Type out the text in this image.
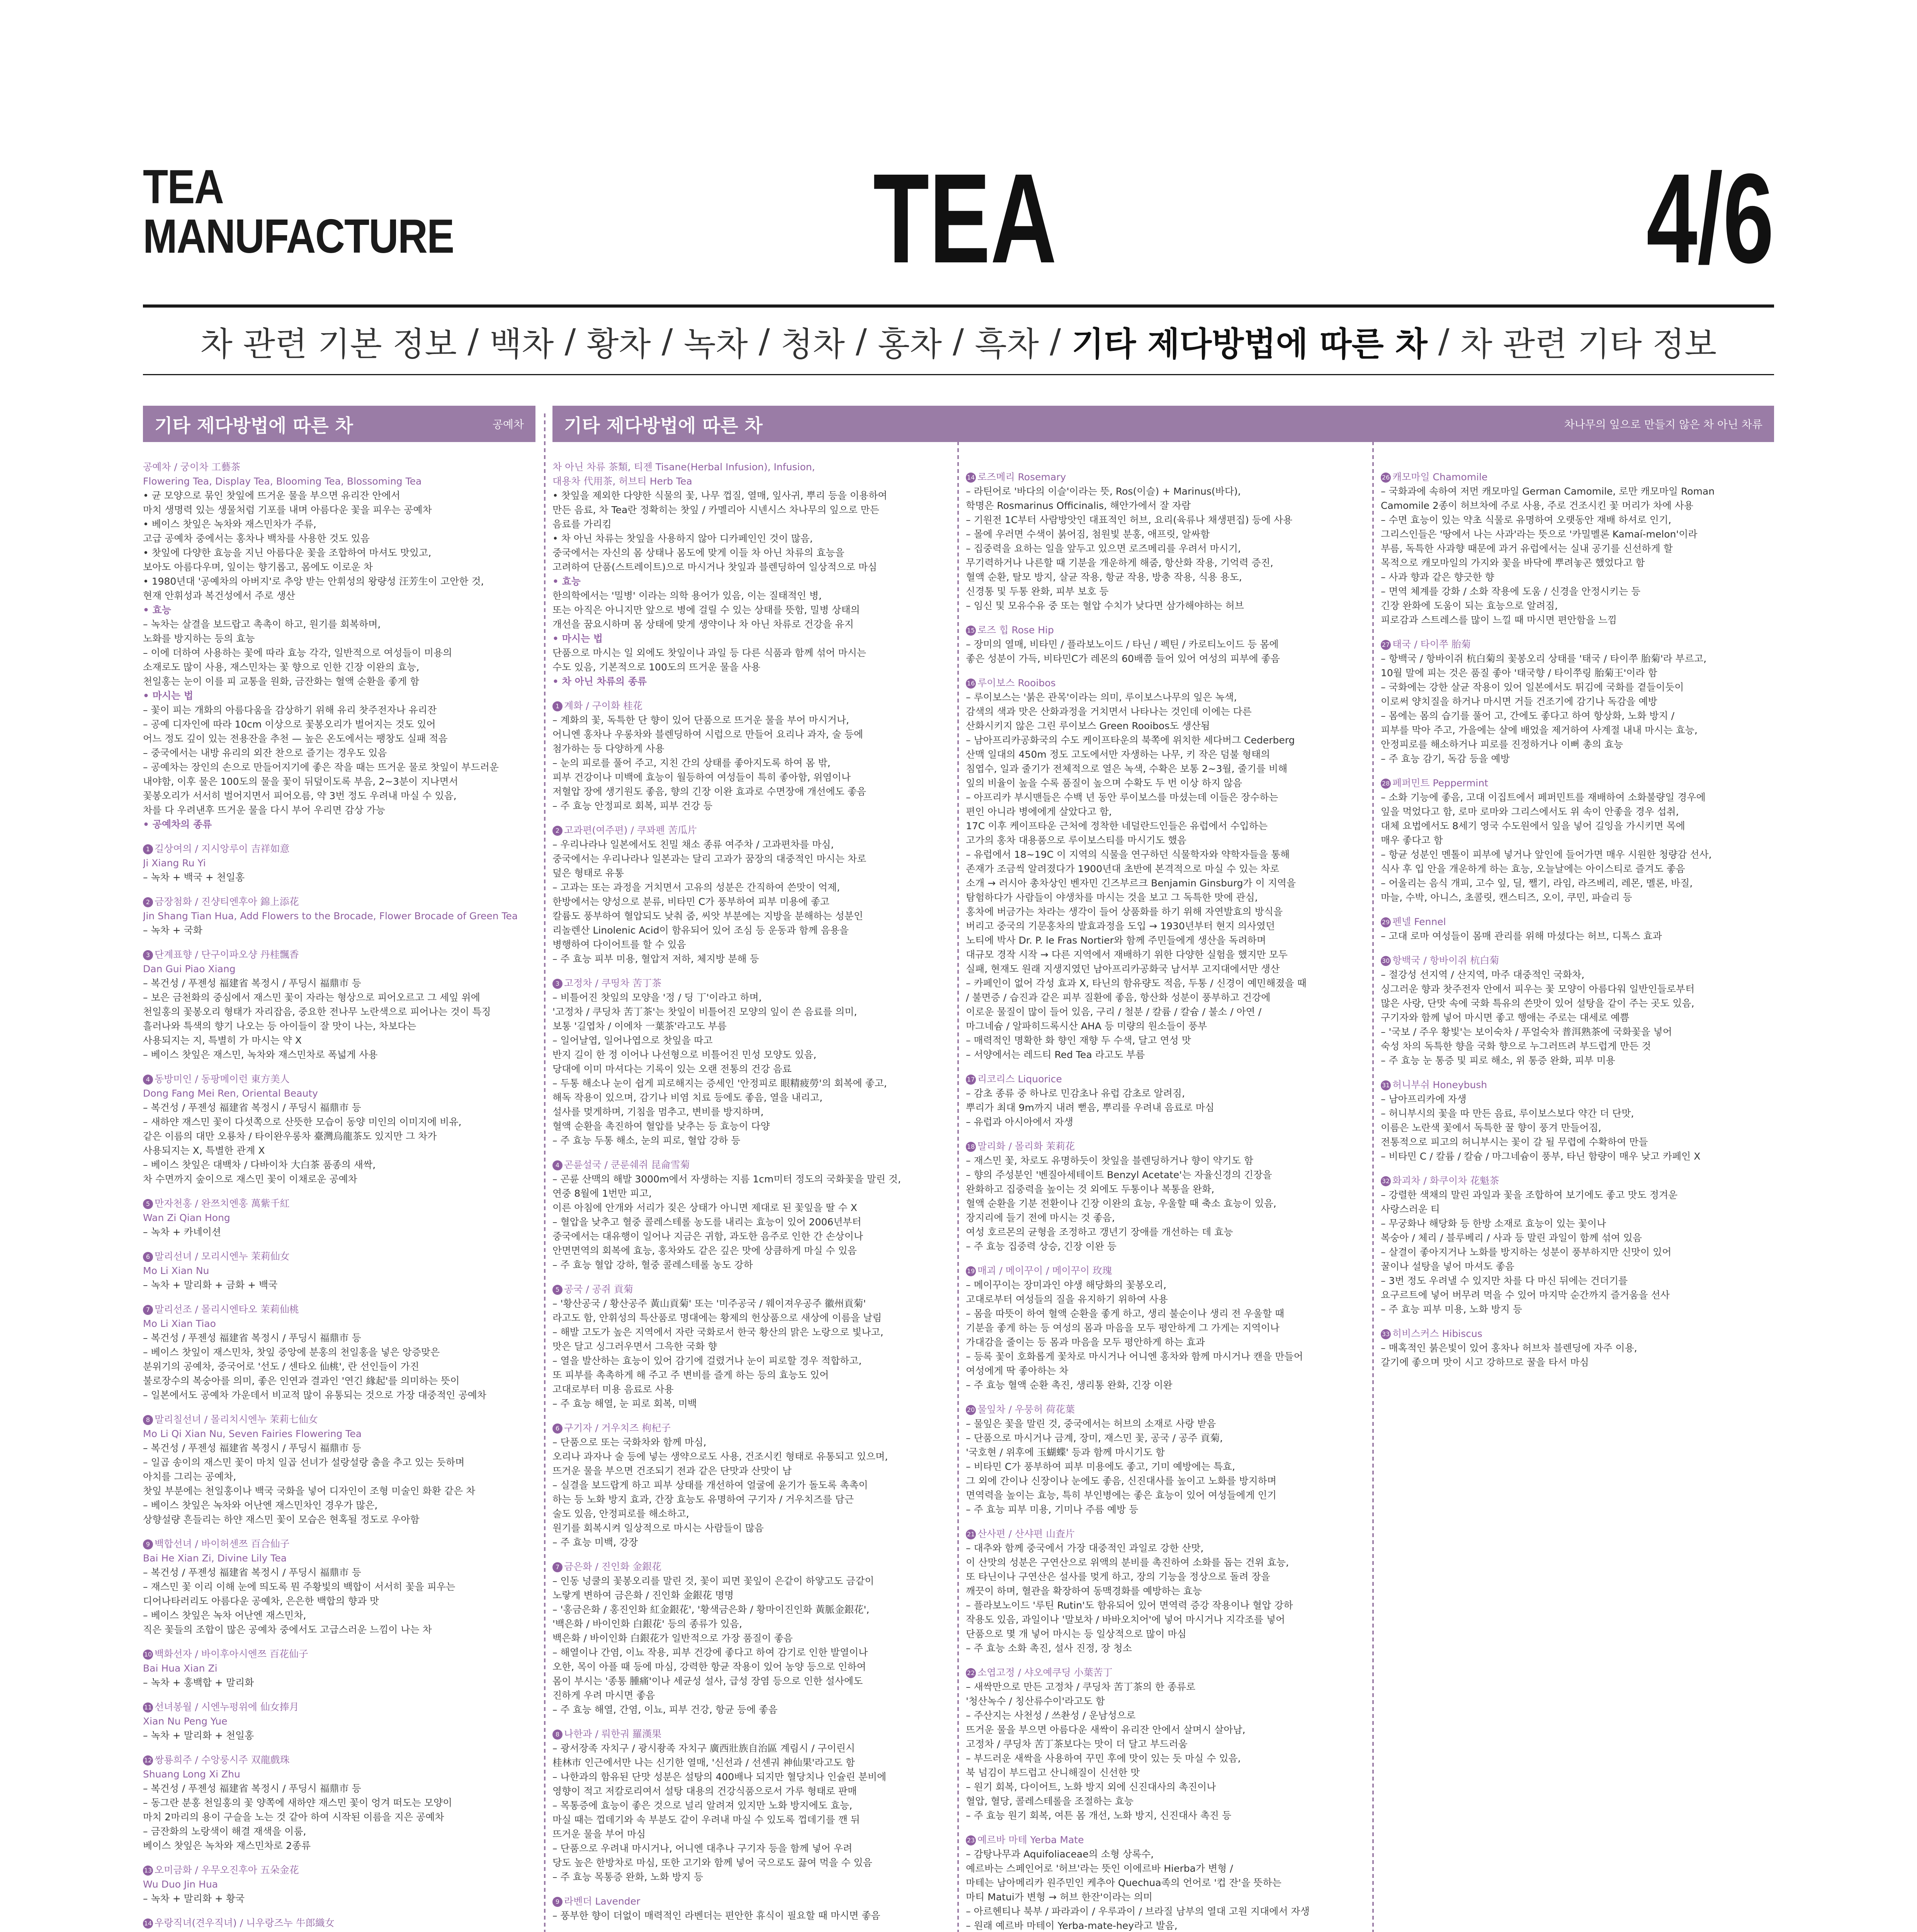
TEA
MANUFACTURE	TEA	4/6
차 관련 기본 정보 / 백차 / 황차 / 녹차 / 청차 / 홍차 / 흑차 / 기타 제다방법에 따른 차 / 차 관련 기타 정보
기타 제다방법에 따른 차	공예차 기타 제다방법에 따른 차	차나무의 잎으로 만들지 않은 차 아닌 차류

공예차 / 궁이차 工藝茶

Flowering Tea, Display Tea, Blooming Tea, Blossoming Tea

• 균 모양으로 묶인 찻잎에 뜨거운 물을 부으면 유리잔 안에서

마치 생명력 있는 생물처럼 기포를 내며 아름다운 꽃을 피우는 공예차

• 베이스 찻잎은 녹차와 재스민차가 주류,

고급 공예차 중에서는 홍차나 백차를 사용한 것도 있음

• 찻잎에 다양한 효능을 지닌 아름다운 꽃을 조합하여 마셔도 맛있고,

보아도 아름다우며, 잎이는 향기롭고, 몸에도 이로운 차

• 1980년대 '공예차의 아버지'로 추앙 받는 안휘성의 왕량성 汪芳生이 고안한 것,

현재 안휘성과 복건성에서 주로 생산

• 효능

– 녹차는 살결을 보드랍고 촉촉이 하고, 원기를 회복하며,

노화를 방지하는 등의 효능

– 이에 더하여 사용하는 꽃에 따라 효능 각각, 일반적으로 여성들이 미용의

소재로도 많이 사용, 재스민차는 꽃 향으로 인한 긴장 이완의 효능,

천일홍는 눈이 이를 피 교통을 원화, 금잔화는 혈액 순환을 좋게 함

• 마시는 법

– 꽃이 피는 개화의 아름다움을 감상하기 위해 유리 찻주전자나 유리잔

– 공예 디자인에 따라 10cm 이상으로 꽃봉오리가 벌어지는 것도 있어

어느 정도 깊이 있는 전용잔을 추천 — 높은 온도에서는 팽창도 실패 적음

– 중국에서는 내방 유리의 외잔 찬으로 즐기는 경우도 있음

– 공예차는 장인의 손으로 만들어지기에 좋은 작을 때는 뜨거운 물로 찻잎이 부드러운

내야함, 이후 물은 100도의 물을 꽃이 뒤덮이도록 부음, 2~3분이 지나면서

꽃봉오리가 서서히 벌어지면서 피어오름, 약 3번 정도 우려내 마실 수 있음,

차를 다 우려낸후 뜨거운 물을 다시 부어 우리면 감상 가능

• 공예차의 종류

1 길상여의 / 지시앙루이 吉祥如意

Ji Xiang Ru Yi

– 녹차 + 백국 + 천일홍

2 금장첨화 / 진샹티엔후아 錦上添花

Jin Shang Tian Hua, Add Flowers to the Brocade, Flower Brocade of Green Tea

– 녹차 + 국화

3 단계표향 / 단구이파오샹 丹桂飄香

Dan Gui Piao Xiang

– 복건성 / 푸젠성 福建省 복정시 / 푸딩시 福鼎市 등

– 보은 금천화의 중심에서 재스민 꽃이 자라는 형상으로 피어오르고 그 세잎 위에

천일홍의 꽃봉오리 형태가 자리잡음, 중요한 전나무 노란색으로 피어나는 것이 특징

흘러나와 특색의 향기 나오는 등 아이들이 잘 맛이 나는, 차보다는

사용되지는 지, 특별히 가 마시는 약 X

– 베이스 찻잎은 재스민, 녹차와 재스민차로 폭넓게 사용

4 동방미인 / 동팡메이런 東方美人

Dong Fang Mei Ren, Oriental Beauty

– 복건성 / 푸젠성 福建省 복정시 / 푸딩시 福鼎市 등

– 새하얀 재스민 꽃이 다섯쪽으로 산뜻한 모습이 동양 미인의 이미지에 비유,

같은 이름의 대만 오룡차 / 타이완우롱차 臺灣烏龍茶도 있지만 그 차가

사용되지는 X, 특별한 관계 X

– 베이스 찻잎은 대백차 / 다바이차 大白茶 품종의 새싹,

차 수면까지 숲이으로 재스민 꽃이 이채로운 공예차

5 만자천홍 / 완쯔치엔홍 萬紫千紅

Wan Zi Qian Hong

– 녹차 + 카네이션

6 말리선녀 / 모리시엔누 茉莉仙女

Mo Li Xian Nu

– 녹차 + 말리화 + 금화 + 백국

7 말리선조 / 몰리시엔타오 茉莉仙桃

Mo Li Xian Tiao

– 복건성 / 푸젠성 福建省 복정시 / 푸딩시 福鼎市 등

– 베이스 찻잎이 재스민차, 찻잎 중앙에 분홍의 천일홍을 넣은 앙증맞은

분위기의 공예차, 중국어로 '선도 / 센타오 仙桃', 란 선인들이 가진

불로장수의 복숭아를 의미, 좋은 인연과 결과인 '연긴 緣起'를 의미하는 뜻이

– 일본에서도 공예차 가운데서 비교적 많이 유통되는 것으로 가장 대중적인 공예차

8 말리칠선녀 / 몰리치시엔누 茉莉七仙女

Mo Li Qi Xian Nu, Seven Fairies Flowering Tea

– 복건성 / 푸젠성 福建省 복정시 / 푸딩시 福鼎市 등

– 일곱 송이의 재스민 꽃이 마치 일곱 선녀가 설랑설랑 춤을 추고 있는 듯하며

아치를 그리는 공예차,

찻잎 부분에는 천일홍이나 백국 국화을 넣어 디자인이 조형 미술인 화환 같은 차

– 베이스 찻잎은 녹차와 어난엔 재스민차인 경우가 많은,

상향설량 흔들리는 하얀 재스민 꽃이 모습은 현혹될 정도로 우아함

9 백합선녀 / 바이허센쯔 百合仙子

Bai He Xian Zi, Divine Lily Tea

– 복건성 / 푸젠성 福建省 복정시 / 푸딩시 福鼎市 등

– 재스민 꽃 이리 이해 눈에 띄도록 뭔 주황빛의 백합이 서서히 꽃을 피우는

디어나타러리도 아름다운 공예차, 은은한 백합의 향과 맛

– 베이스 찻잎은 녹차 어난엔 재스민차,

직은 꽃들의 조합이 많은 공예차 중에서도 고급스러운 느낌이 나는 차

10 백화선자 / 바이후아시엔쯔 百花仙子

Bai Hua Xian Zi

– 녹차 + 홍백합 + 말리화

11 선녀봉월 / 시엔누펑위에 仙女捧月

Xian Nu Peng Yue

– 녹차 + 말리화 + 천일홍

12 쌍룡희주 / 수앙룽시주 双龍戲珠

Shuang Long Xi Zhu

– 복건성 / 푸젠성 福建省 복정시 / 푸딩시 福鼎市 등

– 동그란 분홍 천일홍의 꽃 양쪽에 새하얀 재스민 꽃이 엉겨 떠도는 모양이

마치 2마리의 용이 구슬을 노는 것 같아 하여 시작된 이름을 지은 공예차

– 금잔화의 노랑색이 해결 재색을 이룸,

베이스 찻잎은 녹차와 재스민차로 2종류

13 오미금화 / 우무오진후아 五朵金花

Wu Duo Jin Hua

– 녹차 + 말리화 + 황국

14 우랑직녀(견우직녀) / 니우랑즈누 牛郎織女

차 아닌 차류 茶類, 티젠 Tisane(Herbal Infusion), Infusion,

대용차 代用茶, 허브티 Herb Tea

• 찻잎을 제외한 다양한 식물의 꽃, 나무 껍질, 열매, 잎사귀, 뿌리 등을 이용하여

만든 음료, 차 Tea란 정확히는 찻잎 / 카멜리아 시넨시스 차나무의 잎으로 만든

음료를 가리킴

• 차 아닌 차류는 찻잎을 사용하지 않아 디카페인인 것이 많음,

중국에서는 자신의 몸 상태나 몸도에 맞게 이들 차 아닌 차류의 효능을

고려하여 단품(스트레이트)으로 마시거나 찻잎과 블렌딩하여 일상적으로 마심

• 효능

한의학에서는 '밀병' 이라는 의학 용어가 있음, 이는 질태적인 병,

또는 아직은 아니지만 앞으로 병에 걸릴 수 있는 상태를 뜻함, 밀병 상태의

개선을 꿈요시하며 몸 상태에 맞게 생약이나 차 아닌 차류로 건강을 유지

• 마시는 법

단품으로 마시는 일 외에도 찻잎이나 과일 등 다른 식품과 함께 섞어 마시는

수도 있음, 기본적으로 100도의 뜨거운 물을 사용

• 차 아닌 차류의 종류

1 계화 / 구이화 桂花

– 계화의 꽃, 독특한 단 향이 있어 단품으로 뜨거운 물을 부어 마시거나,

어니엔 홍차나 우롱차와 블렌딩하여 시럽으로 만들어 요리나 과자, 술 등에

첨가하는 등 다양하게 사용

– 눈의 피로를 풀어 주고, 지친 간의 상태를 좋아지도록 하여 몸 밖,

피부 건강이나 미백에 효능이 월등하여 여성들이 특히 좋아함, 위염이나

저혈압 장에 생기원도 좋음, 향의 긴장 이완 효과로 수면장애 개선에도 좋음

– 주 효능 안정피로 회복, 피부 건강 등

2 고과편(여주편) / 쿠꽈펜 苦瓜片

– 우리나라나 일본에서도 친밀 채소 종류 여주차 / 고과편차를 마심,

중국에서는 우리나라나 일본과는 달리 고과가 꿈장의 대중적인 마시는 차로

덮은 형태로 유통

– 고과는 또는 과정을 거치면서 고유의 성분은 간직하여 쓴맛이 억제,

한방에서는 양성으로 분류, 비타민 C가 풍부하여 피부 미용에 좋고

칼륨도 풍부하여 혈압되도 낮춰 줌, 씨앗 부분에는 지방을 분해하는 성분인

리놀렌산 Linolenic Acid이 함유되어 있어 조심 등 운동과 함께 음용을

병행하여 다이어트를 할 수 있음

– 주 효능 피부 미용, 혈압저 저하, 체지방 분해 등

3 고정차 / 쿠띵차 苦丁茶

– 비틀어진 찻잎의 모양을 '정 / 딩 丁'이라고 하며,

'고정차 / 쿠딩차 苦丁茶'는 찻잎이 비틀어진 모양의 잎이 쓴 음료를 의미,

보통 '길엽차 / 이에차 一葉茶'라고도 부름

– 일어날엽, 일어나엽으로 찻잎을 따고

반지 길이 한 정 이어나 나선형으로 비틀어진 민성 모양도 있음,

당대에 이미 마셔다는 기록이 있는 오랜 전통의 건강 음료

– 두통 해소나 눈이 쉽게 피로해지는 증세인 '안정피로 眼精疲勞'의 회복에 좋고,

해독 작용이 있으며, 감기나 비염 치료 등에도 좋음, 열을 내리고,

설사를 멎게하며, 기침을 멈추고, 변비를 방지하며,

혈액 순환을 촉진하여 혈압를 낮추는 등 효능이 다양

– 주 효능 두통 해소, 눈의 피로, 혈압 강하 등

4 곤륜설국 / 쿤룬쉐쥐 昆侖雪菊

– 곤륜 산맥의 해발 3000m에서 자생하는 지름 1cm미터 정도의 국화꽃을 말린 것,

연중 8월에 1번만 피고,

이른 아침에 안개와 서리가 짖은 상태가 아니면 제대로 된 꽃잎을 딸 수 X

– 혈압을 낮추고 혈중 콜레스테롤 농도를 내리는 효능이 있어 2006년부터

중국에서는 대유행이 일어나 지금은 귀함, 과도한 음주로 인한 간 손상이나

안면면역의 회복에 효능, 홍차와도 같은 깊은 맛에 상큼하게 마실 수 있음

– 주 효능 혈압 강하, 혈중 콜레스테롤 농도 강하

5 공국 / 공쥐 貢菊

– '황산공국 / 황산공주 黃山貢菊' 또는 '미주공국 / 웨이져우공주 徽州貢菊'

라고도 함, 안휘성의 특산품로 명대에는 황제의 헌상품으로 새상에 이름을 날림

– 해발 고도가 높은 지역에서 자란 국화로서 한국 황산의 맑은 노랑으로 빛나고,

맛은 달고 싱그러우면서 그윽한 국화 향

– 열을 발산하는 효능이 있어 감기에 걸렸거나 눈이 피로할 경우 적합하고,

또 피부를 촉촉하게 해 주고 주 변비를 즐게 하는 등의 효능도 있어

고대로부터 미용 음료로 사용

– 주 효능 해열, 눈 피로 회복, 미백

6 구기자 / 거우치즈 枸杞子

– 단품으로 또는 국화차와 함께 마심,

오리나 과자나 술 등에 넣는 생약으로도 사용, 건조시킨 형태로 유통되고 있으며,

뜨거운 물을 부으면 건조되기 전과 같은 단맛과 산맛이 남

– 실결을 보드랍게 하고 피부 상태를 개선하여 얼굴에 윤기가 돌도록 촉촉이

하는 등 노화 방지 효과, 간장 효능도 유명하여 구기자 / 거우치즈를 담근

술도 있음, 안정피로를 해소하고,

원기를 회복시켜 일상적으로 마시는 사람들이 많음

– 주 효능 미백, 강장

7 금은화 / 진인화 金銀花

– 인동 넝쿨의 꽃봉오리를 말린 것, 꽃이 피면 꽃잎이 은같이 하얗고도 금같이

노랗게 변하여 금은화 / 진인화 金銀花 명명

– '홍금은화 / 홍진인화 紅金銀花', '황색금은화 / 황마이진인화 黃脈金銀花',

'백은화 / 바이인화 白銀花' 등의 종류가 있음,

백은화 / 바이인화 白銀花가 일반적으로 가장 품질이 좋음

– 해열이나 간염, 이뇨 작용, 피부 건강에 좋다고 하여 감기로 인한 발열이나

오한, 목이 아플 때 등에 마심, 강력한 항균 작용이 있어 농양 등으로 인하여

몸이 부시는 '종통 腫痛'이나 세균성 설사, 급성 장염 등으로 인한 설사에도

진하게 우려 마시면 좋음

– 주 효능 해열, 간염, 이뇨, 피부 건강, 항균 등에 좋음

8 나한과 / 뤄한궈 羅漢果

– 광서장족 자치구 / 광시좡족 자치구 廣西壯族自治區 계림시 / 구이린시

桂林市 인근에서만 나는 신기한 열매, '신선과 / 선센궈 神仙果'라고도 함

– 나한과의 함유된 단맛 성분은 설탕의 400배나 되지만 혈당치나 인슐린 분비에

영향이 적고 저칼로리여서 설탕 대용의 건강식품으로서 가루 형태로 판매

– 목통증에 효능이 좋은 것으로 널리 알려져 있지만 노화 방지에도 효능,

마실 때는 껍데기와 속 부분도 같이 우려내 마실 수 있도록 껍데기를 깬 뒤

뜨거운 물을 부어 마심

– 단품으로 우려내 마시거나, 어니엔 대추나 구기자 등을 함께 넣어 우려

당도 높은 한방차로 마심, 또한 고기와 함께 넣어 국으로도 끓여 먹을 수 있음

– 주 효능 목통증 완화, 노화 방지 등

9 라벤더 Lavender

– 풍부한 향이 더없이 매력적인 라벤더는 편안한 휴식이 필요할 때 마시면 좋음

14 로즈메리 Rosemary

– 라틴어로 '바다의 이슬'이라는 뜻, Ros(이슬) + Marinus(바다),

학명은 Rosmarinus Officinalis, 해안가에서 잘 자람

– 기원전 1C부터 사람방앗인 대표적인 허브, 요리(육류나 채생편집) 등에 사용

– 몰에 우러면 수색이 붉어짐, 첨원빛 분홍, 애프릿, 알싸함

– 집중력을 요하는 일을 앞두고 있으면 로즈메리를 우려서 마시기,

무기력하거나 나른할 때 기분을 개운하게 해줌, 항산화 작용, 기억력 증진,

혈액 순환, 탈모 방지, 살균 작용, 항균 작용, 방충 작용, 식용 용도,

신경통 및 두통 완화, 피부 보호 등

– 임신 및 모유수유 중 또는 혈압 수치가 낮다면 삼가해야하는 허브

15 로즈 힙 Rose Hip

– 장미의 열매, 비타민 / 플라보노이드 / 타닌 / 펙틴 / 카로티노이드 등 몸에

좋은 성분이 가득, 비타민C가 레몬의 60배쯤 들어 있어 여성의 피부에 좋음

16 루이보스 Rooibos

– 루이보스는 '붉은 관목'이라는 의미, 루이보스나무의 잎은 녹색,

감색의 색과 맛은 산화과정을 거치면서 나타나는 것인데 이에는 다른

산화시키지 않은 그린 루이보스 Green Rooibos도 생산됨

– 남아프리카공화국의 수도 케이프타운의 북쪽에 위치한 세다버그 Cederberg

산맥 일대의 450m 정도 고도에서만 자생하는 나무, 키 작은 덤불 형태의

침엽수, 일과 줄기가 전체적으로 열은 녹색, 수확은 보통 2~3월, 줄기를 비해

잎의 비율이 높을 수록 품질이 높으며 수확도 두 번 이상 하지 않음

– 아프리카 부시맨들은 수백 년 동안 루이보스를 마셨는데 이들은 장수하는

편인 아니라 병에에게 살았다고 함,

17C 이후 케이프타운 근처에 정착한 네덜란드인들은 유럽에서 수입하는

고가의 홍차 대용품으로 루이보스티를 마시기도 했음

– 유럽에서 18~19C 이 지역의 식물을 연구하던 식물학자와 약학자들을 통해

존재가 조금씩 알려졌다가 1900년대 초반에 본격적으로 마실 수 있는 차로

소개 → 러시아 총차상인 벤자민 긴즈부르크 Benjamin Ginsburg가 이 지역을

탐험하다가 사람들이 야생차를 마시는 것을 보고 그 독특한 맛에 관심,

홍차에 버금가는 차라는 생각이 들어 상품화를 하기 위해 자연발효의 방식을

버리고 중국의 기문홍차의 발효과정을 도입 → 1930년부터 현지 의사였던

노티에 박사 Dr. P. le Fras Nortier와 함께 주민들에게 생산을 독려하며

대규모 경작 시작 → 다른 지역에서 재배하기 위한 다양한 실험을 했지만 모두

실패, 현재도 원래 지생지였던 남아프리카공화국 남서부 고지대에서만 생산

– 카페인이 없어 각성 효과 X, 타닌의 함유량도 적음, 두통 / 신경이 예민해졌을 때

/ 불면증 / 습진과 같은 피부 질환에 좋음, 항산화 성분이 풍부하고 건강에

이로운 물질이 많이 들어 있음, 구리 / 철분 / 칼륨 / 칼슘 / 불소 / 아연 /

마그네슘 / 알파히드록시산 AHA 등 미량의 원소들이 풍부

– 매력적인 명확한 화 향인 재향 두 수색, 달고 연성 맛

– 서양에서는 레드티 Red Tea 라고도 부름

17 리코리스 Liquorice

– 감초 종류 중 하나로 민감초나 유럽 감초로 알려짐,

뿌리가 최대 9m까지 내려 뻗음, 뿌리를 우려내 음료로 마심

– 유럽과 아시아에서 자생

18 말리화 / 몰리화 茉莉花

– 재스민 꽃, 차로도 유명하듯이 찻잎을 블렌딩하거나 향이 약기도 함

– 향의 주성분인 '벤질아세테이트 Benzyl Acetate'는 자율신경의 긴장을

완화하고 집중력을 높이는 것 외에도 두통이나 복통을 완화,

혈액 순환을 기분 전환이나 긴장 이완의 효능, 우울할 때 축소 효능이 있음,

장지리에 들기 전에 마시는 것 좋음,

여성 호르몬의 균형을 조정하고 갱년기 장애를 개선하는 데 효능

– 주 효능 집중력 상승, 긴장 이완 등

19 매괴 / 메이꾸이 / 메이꾸이 玫瑰

– 메이꾸이는 장미과인 야생 해당화의 꽃봉오리,

고대로부터 여성들의 질을 유지하기 위하여 사용

– 몸을 따뜻이 하여 혈액 순환을 좋게 하고, 생리 불순이나 생리 전 우울할 때

기분을 좋게 하는 등 여성의 몸과 마음을 모두 평안하게 그 가게는 지역이나

가대감을 줄이는 등 몸과 마음을 모두 평안하게 하는 효과

– 등록 꽃이 호화롭게 꽃차로 마시거나 어니엔 홍차와 함께 마시거나 캔을 만들어

여성에게 딱 좋아하는 차

– 주 효능 혈액 순환 촉진, 생리통 완화, 긴장 이완

20 물잎차 / 우뭉허 荷花葉

– 물잎은 꽃을 말린 것, 중국에서는 허브의 소재로 사랑 받음

– 단품으로 마시거나 금계, 장미, 재스민 꽃, 공국 / 공주 貢菊,

'국호현 / 위후에 玉蝴蝶' 등과 함께 마시기도 함

– 비타민 C가 풍부하여 피부 미용에도 좋고, 기미 예방에는 특효,

그 외에 간이나 신장이나 눈에도 좋음, 신진대사를 높이고 노화를 방지하며

면역력을 높이는 효능, 특히 부인병에는 좋은 효능이 있어 여성들에게 인기

– 주 효능 피부 미용, 기미나 주름 예방 등

21 산사편 / 산샤편 山査片

– 대추와 함께 중국에서 가장 대중적인 과일로 강한 산맛,

이 산맛의 성분은 구연산으로 위액의 분비를 촉진하여 소화를 돕는 건위 효능,

또 타닌이나 구연산은 설사를 멎게 하고, 장의 기능을 정상으로 돌려 장을

깨끗이 하며, 혈관을 확장하여 동맥경화를 예방하는 효능

– 플라보노이드 '루틴 Rutin'도 함유되어 있어 면역력 증강 작용이나 혈압 강하

작용도 있음, 과일이나 '말보차 / 바바오치어'에 넣어 마시거나 지각조를 넣어

단품으로 몇 개 넣어 마시는 등 일상적으로 많이 마심

– 주 효능 소화 촉진, 설사 진정, 장 청소

22 소엽고정 / 샤오예쿠딩 小葉苦丁

– 새싹만으로 만든 고정차 / 쿠딩차 苦丁茶의 한 종류로

'청산녹수 / 칭산류수이'라고도 함

– 주산지는 사천성 / 쓰촨성 / 운남성으로

뜨거운 물을 부으면 아름다운 새싹이 유리잔 안에서 살며시 살아남,

고정차 / 쿠딩차 苦丁茶보다는 맛이 더 달고 부드러움

– 부드러운 새싹을 사용하여 꾸민 후에 맛이 있는 듯 마실 수 있음,

북 넘김이 부드럽고 산니해질이 신선한 맛

– 원기 회복, 다이어트, 노화 방지 외에 신진대사의 촉진이나

혈압, 혈당, 콜레스테롤을 조절하는 효능

– 주 효능 원기 회복, 여튼 몸 개선, 노화 방지, 신진대사 촉진 등

23 예르바 마테 Yerba Mate

– 감탕나무과 Aquifoliaceae의 소형 상록수,

예르바는 스페인어로 '허브'라는 뜻인 이에르바 Hierba가 변형 /

마테는 남아메리카 원주민인 케추아 Quechua족의 언어로 '컵 잔'을 뜻하는

마티 Matui가 변형 → 허브 한잔'이라는 의미

– 아르헨티나 북부 / 파라과이 / 우루과이 / 브라질 남부의 열대 고원 지대에서 자생

– 원래 예르바 마테이 Yerba-mate-hey라고 발음,

26 캐모마일 Chamomile

– 국화과에 속하여 저먼 캐모마일 German Camomile, 로만 캐모마일 Roman

Camomile 2종이 허브차에 주로 사용, 주로 건조시킨 꽃 머리가 차에 사용

– 수면 효능이 있는 약초 식물로 유명하여 오랫동안 재배 하셔로 인기,

그리스인들은 '땅에서 나는 사과'라는 뜻으로 '카밀멜론 Kamaí-melon'이라

부름, 독특한 사과향 때문에 과거 유럽에서는 실내 공기를 신선하게 할

목적으로 캐모마일의 가지와 꽃을 바닥에 뿌려놓곤 했었다고 함

– 사과 향과 같은 향긋한 향

– 면역 체계를 강화 / 소화 작용에 도움 / 신경을 안정시키는 등

긴장 완화에 도움이 되는 효능으로 알려짐,

피로감과 스트레스를 많이 느낄 때 마시면 편안함을 느낌

27 태국 / 타이쭈 胎菊

– 항백국 / 항바이쥐 杭白菊의 꽃봉오리 상태를 '태국 / 타이쭈 胎菊'라 부르고,

10월 말에 피는 것은 품질 좋아 '태국향 / 타이쭈링 胎菊王'이라 함

– 국화에는 강한 살균 작용이 있어 일본에서도 튀김에 국화를 곁들이듯이

이로써 양치질을 하거나 마시면 거들 건조기에 감기나 독감을 예방

– 몸에는 몸의 습기를 풀어 고, 간에도 좋다고 하여 항상화, 노화 방지 /

피부를 막아 주고, 가을에는 살에 배었을 제거하여 사계절 내내 마시는 효능,

안정피로를 해소하거나 피로를 진정하거나 이뻐 총의 효능

– 주 효능 감기, 독감 등을 예방

28 페퍼민트 Peppermint

– 소화 기능에 좋음, 고대 이집트에서 페퍼민트를 재배하여 소화불량일 경우에

잎을 먹었다고 함, 로마 로마와 그리스에서도 위 속이 안좋을 경우 섭취,

대체 요법에서도 8세기 영국 수도원에서 잎을 넣어 길잉을 가시키면 목에

매우 좋다고 함

– 항균 성분인 멘톨이 피부에 넣거나 앞인에 들어가면 매우 시원한 청량감 선사,

식사 후 입 안을 개운하게 하는 효능, 오늘날에는 아이스티로 즐겨도 좋음

– 어울리는 음식 개피, 고수 잎, 딜, 쨀기, 라임, 라즈베리, 레몬, 멜론, 바질,

마늘, 수박, 아니스, 초콜릿, 캔스티즈, 오이, 쿠민, 파슬리 등

29 펜넬 Fennel

– 고대 로마 여성들이 몸매 관리를 위해 마셨다는 허브, 디톡스 효과

30 항백국 / 항바이쥐 杭白菊

– 절강성 선지역 / 산지역, 마주 대중적인 국화차,

싱그러운 향과 찻주전자 안에서 피우는 꽃 모양이 아름다워 일반인들로부터

많은 사랑, 단맛 속에 국화 특유의 쓴맛이 있어 설탕을 같이 주는 곳도 있음,

구기자와 함께 넣어 마시면 좋고 행애는 주로는 대세로 예쁨

– '국보 / 주우 황빛'는 보이숙차 / 푸얼숙차 普洱熟茶에 국화꽃을 넣어

숙성 차의 독특한 향을 국화 향으로 누그러뜨려 부드럽게 만든 것

– 주 효능 눈 통증 및 피로 해소, 위 통증 완화, 피부 미용

31 허니부쉬 Honeybush

– 남아프리카에 자생

– 허니부시의 꽃을 따 만든 음료, 루이보스보다 약간 더 단맛,

이름은 노란색 꽃에서 독특한 꿀 향이 풍겨 만들어짐,

전통적으로 피고의 허니부시는 꽃이 갈 될 무렵에 수확하여 만들

– 비타민 C / 칼륨 / 칼슘 / 마그네슘이 풍부, 타닌 함량이 매우 낮고 카페인 X

32 화괴차 / 화쿠이차 花魁茶

– 강렬한 색채의 말린 과일과 꽃을 조합하여 보기에도 좋고 맛도 정겨운

사랑스러운 티

– 무궁화나 해당화 등 한방 소재로 효능이 있는 꽃이나

복숭아 / 체리 / 블루베리 / 사과 등 말린 과일이 함께 섞여 있음

– 살결이 좋아지거나 노화를 방지하는 성분이 풍부하지만 신맛이 있어

꿀이나 설탕을 넣어 마셔도 좋음

– 3번 정도 우려낼 수 있지만 차를 다 마신 뒤에는 건더기를

요구르트에 넣어 버무려 먹을 수 있어 마지막 순간까지 즐거움을 선사

– 주 효능 피부 미용, 노화 방지 등

33 히비스커스 Hibiscus

– 매혹적인 붉은빛이 있어 홍차나 허브차 블렌딩에 자주 이용,

갈기에 좋으며 맛이 시고 강하므로 꿀을 타서 마심
